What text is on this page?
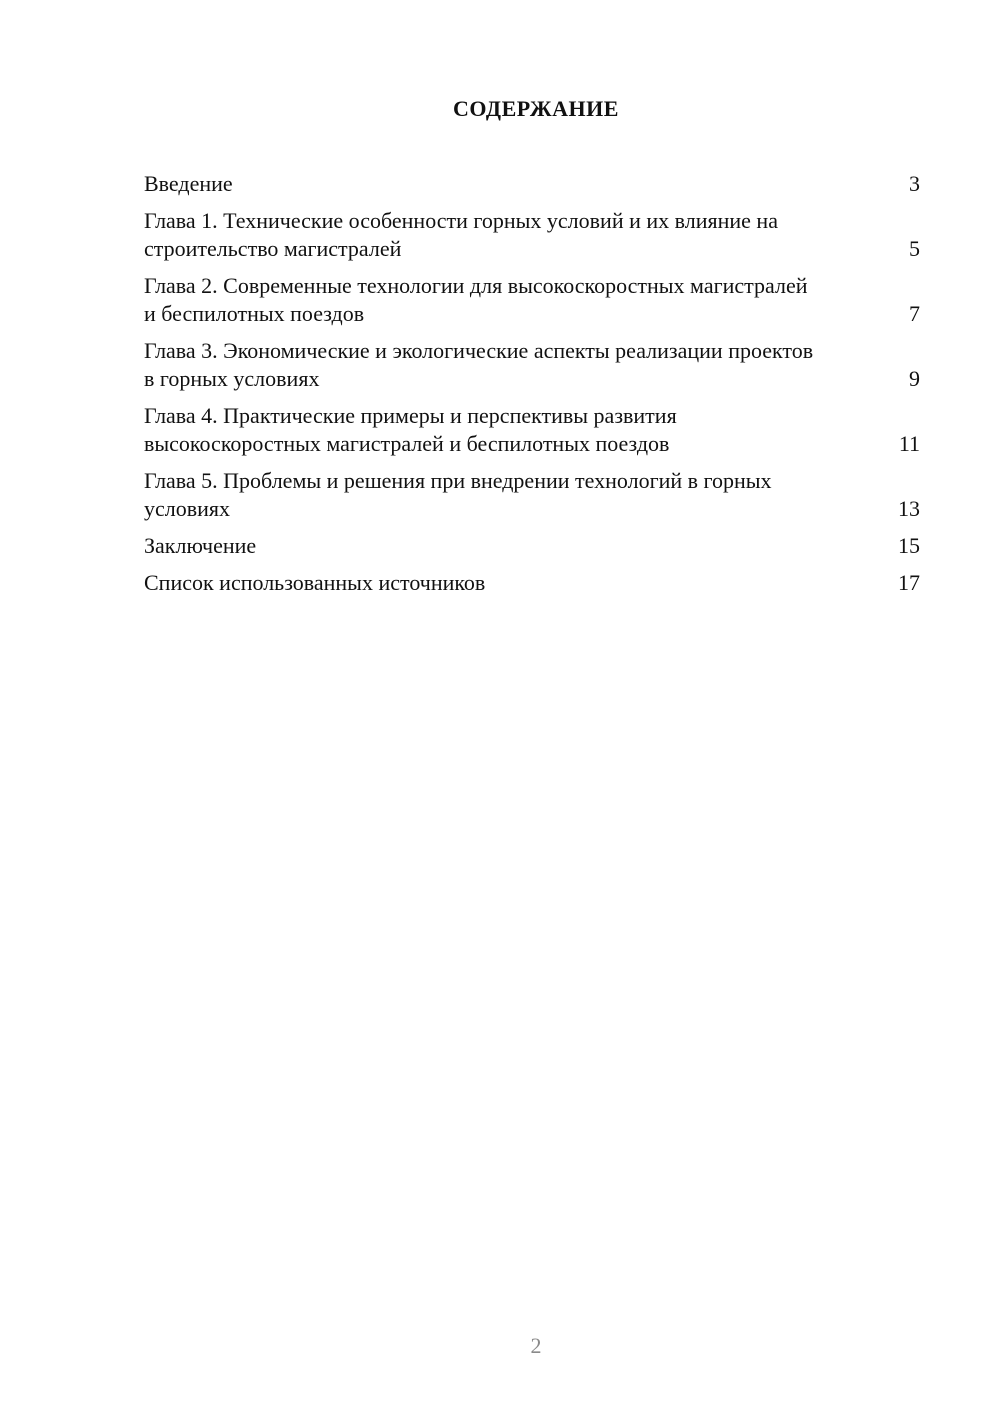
СОДЕРЖАНИЕ
Введение	3
Глава 1. Технические особенности горных условий и их влияние на строительство магистралей	5
Глава 2. Современные технологии для высокоскоростных магистралей и беспилотных поездов	7
Глава 3. Экономические и экологические аспекты реализации проектов в горных условиях	9
Глава 4. Практические примеры и перспективы развития высокоскоростных магистралей и беспилотных поездов	11
Глава 5. Проблемы и решения при внедрении технологий в горных условиях	13
Заключение	15
Список использованных источников	17
2
